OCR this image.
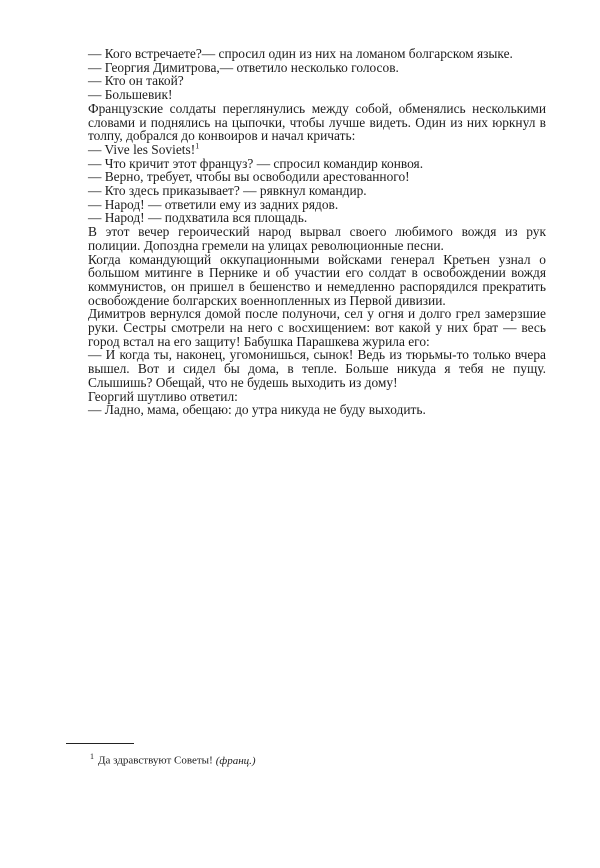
— Кого встречаете?— спросил один из них на ломаном болгарском языке.

— Георгия Димитрова,— ответило несколько голосов.

— Кто он такой?

— Большевик!

Французские солдаты переглянулись между собой, обменялись несколькими словами и поднялись на цыпочки, чтобы лучше видеть. Один из них юркнул в толпу, добрался до конвоиров и начал кричать:

— Vive les Soviets!$^1$

— Что кричит этот француз? — спросил командир конвоя.

— Верно, требует, чтобы вы освободили арестованного!

— Кто здесь приказывает? — рявкнул командир.

— Народ! — ответили ему из задних рядов.

— Народ! — подхватила вся площадь.

В этот вечер героический народ вырвал своего любимого вождя из рук полиции. Допоздна гремели на улицах революционные песни.

Когда командующий оккупационными войсками генерал Кретьен узнал о большом митинге в Пернике и об участии его солдат в освобождении вождя коммунистов, он пришел в бешенство и немедленно распорядился прекратить освобождение болгарских военнопленных из Первой дивизии.

Димитров вернулся домой после полуночи, сел у огня и долго грел замерзшие руки. Сестры смотрели на него с восхищением: вот какой у них брат — весь город встал на его защиту! Бабушка Парашкева журила его:

— И когда ты, наконец, угомонишься, сынок! Ведь из тюрьмы-то только вчера вышел. Вот и сидел бы дома, в тепле. Больше никуда я тебя не пущу. Слышишь? Обещай, что не будешь выходить из дому!

Георгий шутливо ответил:

— Ладно, мама, обещаю: до утра никуда не буду выходить.

$^1$ Да здравствуют Советы! (франц.)
